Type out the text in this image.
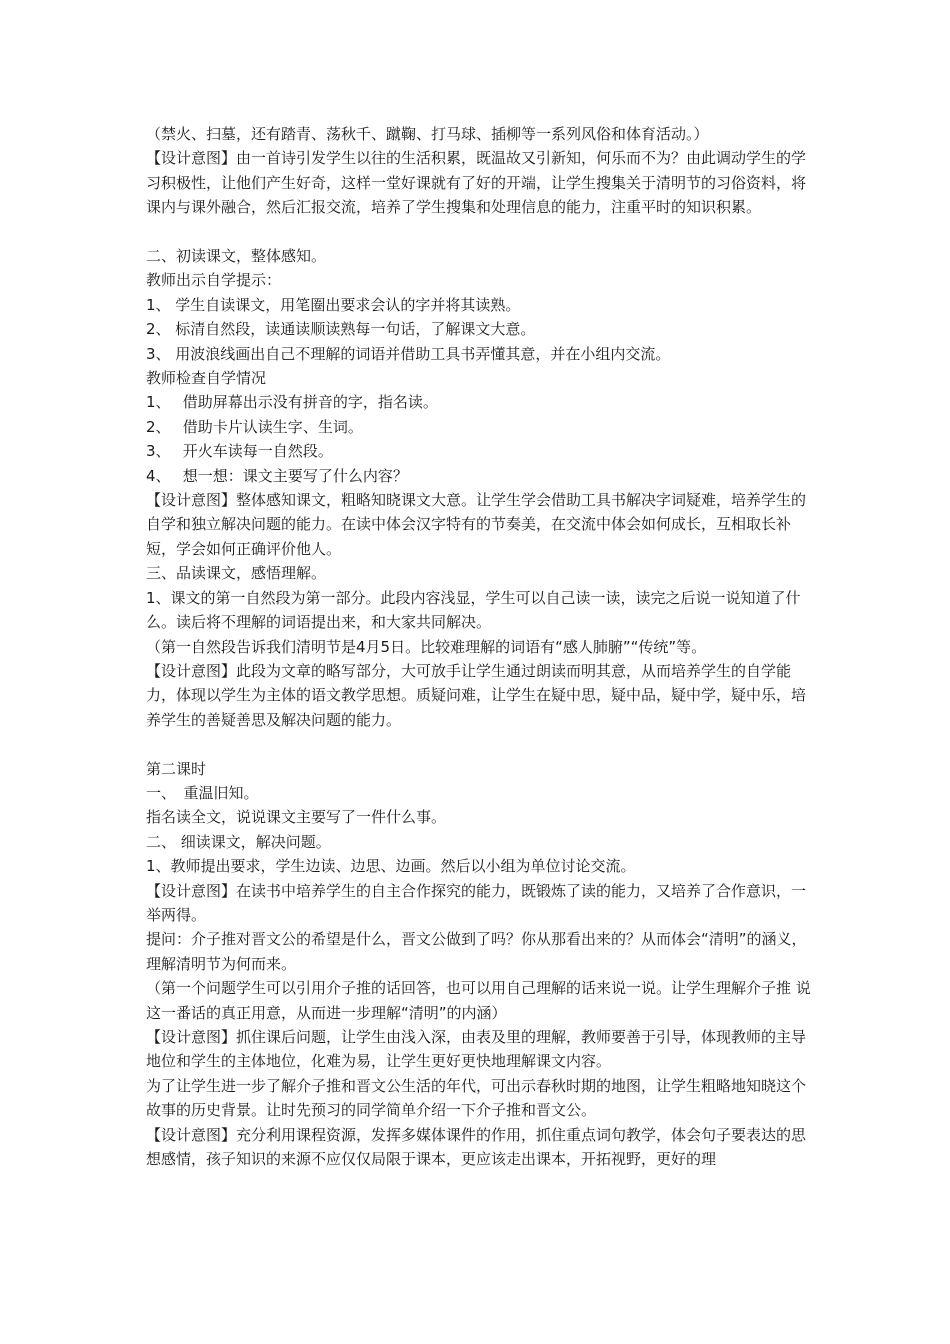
（禁火、扫墓，还有踏青、荡秋千、蹴鞠、打马球、插柳等一系列风俗和体育活动。）

【设计意图】由一首诗引发学生以往的生活积累，既温故又引新知，何乐而不为？由此调动学生的学习积极性，让他们产生好奇，这样一堂好课就有了好的开端，让学生搜集关于清明节的习俗资料，将课内与课外融合，然后汇报交流，培养了学生搜集和处理信息的能力，注重平时的知识积累。

二、初读课文，整体感知。

教师出示自学提示：

1、 学生自读课文，用笔圈出要求会认的字并将其读熟。

2、 标清自然段，读通读顺读熟每一句话，了解课文大意。

3、 用波浪线画出自己不理解的词语并借助工具书弄懂其意，并在小组内交流。

教师检查自学情况

1、　 借助屏幕出示没有拼音的字，指名读。

2、　 借助卡片认读生字、生词。

3、　 开火车读每一自然段。

4、　 想一想：课文主要写了什么内容？

【设计意图】整体感知课文，粗略知晓课文大意。让学生学会借助工具书解决字词疑难，培养学生的自学和独立解决问题的能力。在读中体会汉字特有的节奏美，在交流中体会如何成长，互相取长补短，学会如何正确评价他人。

三、品读课文，感悟理解。

1、课文的第一自然段为第一部分。此段内容浅显，学生可以自己读一读，读完之后说一说知道了什么。读后将不理解的词语提出来，和大家共同解决。

（第一自然段告诉我们清明节是4月5日。比较难理解的词语有“感人肺腑”“传统”等。

【设计意图】此段为文章的略写部分，大可放手让学生通过朗读而明其意，从而培养学生的自学能力，体现以学生为主体的语文教学思想。质疑问难，让学生在疑中思，疑中品，疑中学，疑中乐，培养学生的善疑善思及解决问题的能力。

第二课时

一、　重温旧知。

指名读全文，说说课文主要写了一件什么事。

二、 细读课文，解决问题。

1、教师提出要求，学生边读、边思、边画。然后以小组为单位讨论交流。

【设计意图】在读书中培养学生的自主合作探究的能力，既锻炼了读的能力，又培养了合作意识，一举两得。

提问：介子推对晋文公的希望是什么，晋文公做到了吗？你从那看出来的？从而体会“清明”的涵义，理解清明节为何而来。

（第一个问题学生可以引用介子推的话回答，也可以用自己理解的话来说一说。让学生理解介子推 说这一番话的真正用意，从而进一步理解“清明”的内涵）

【设计意图】抓住课后问题，让学生由浅入深，由表及里的理解，教师要善于引导，体现教师的主导地位和学生的主体地位，化难为易，让学生更好更快地理解课文内容。

为了让学生进一步了解介子推和晋文公生活的年代，可出示春秋时期的地图，让学生粗略地知晓这个故事的历史背景。让时先预习的同学简单介绍一下介子推和晋文公。

【设计意图】充分利用课程资源，发挥多媒体课件的作用，抓住重点词句教学，体会句子要表达的思想感情，孩子知识的来源不应仅仅局限于课本，更应该走出课本，开拓视野，更好的理
